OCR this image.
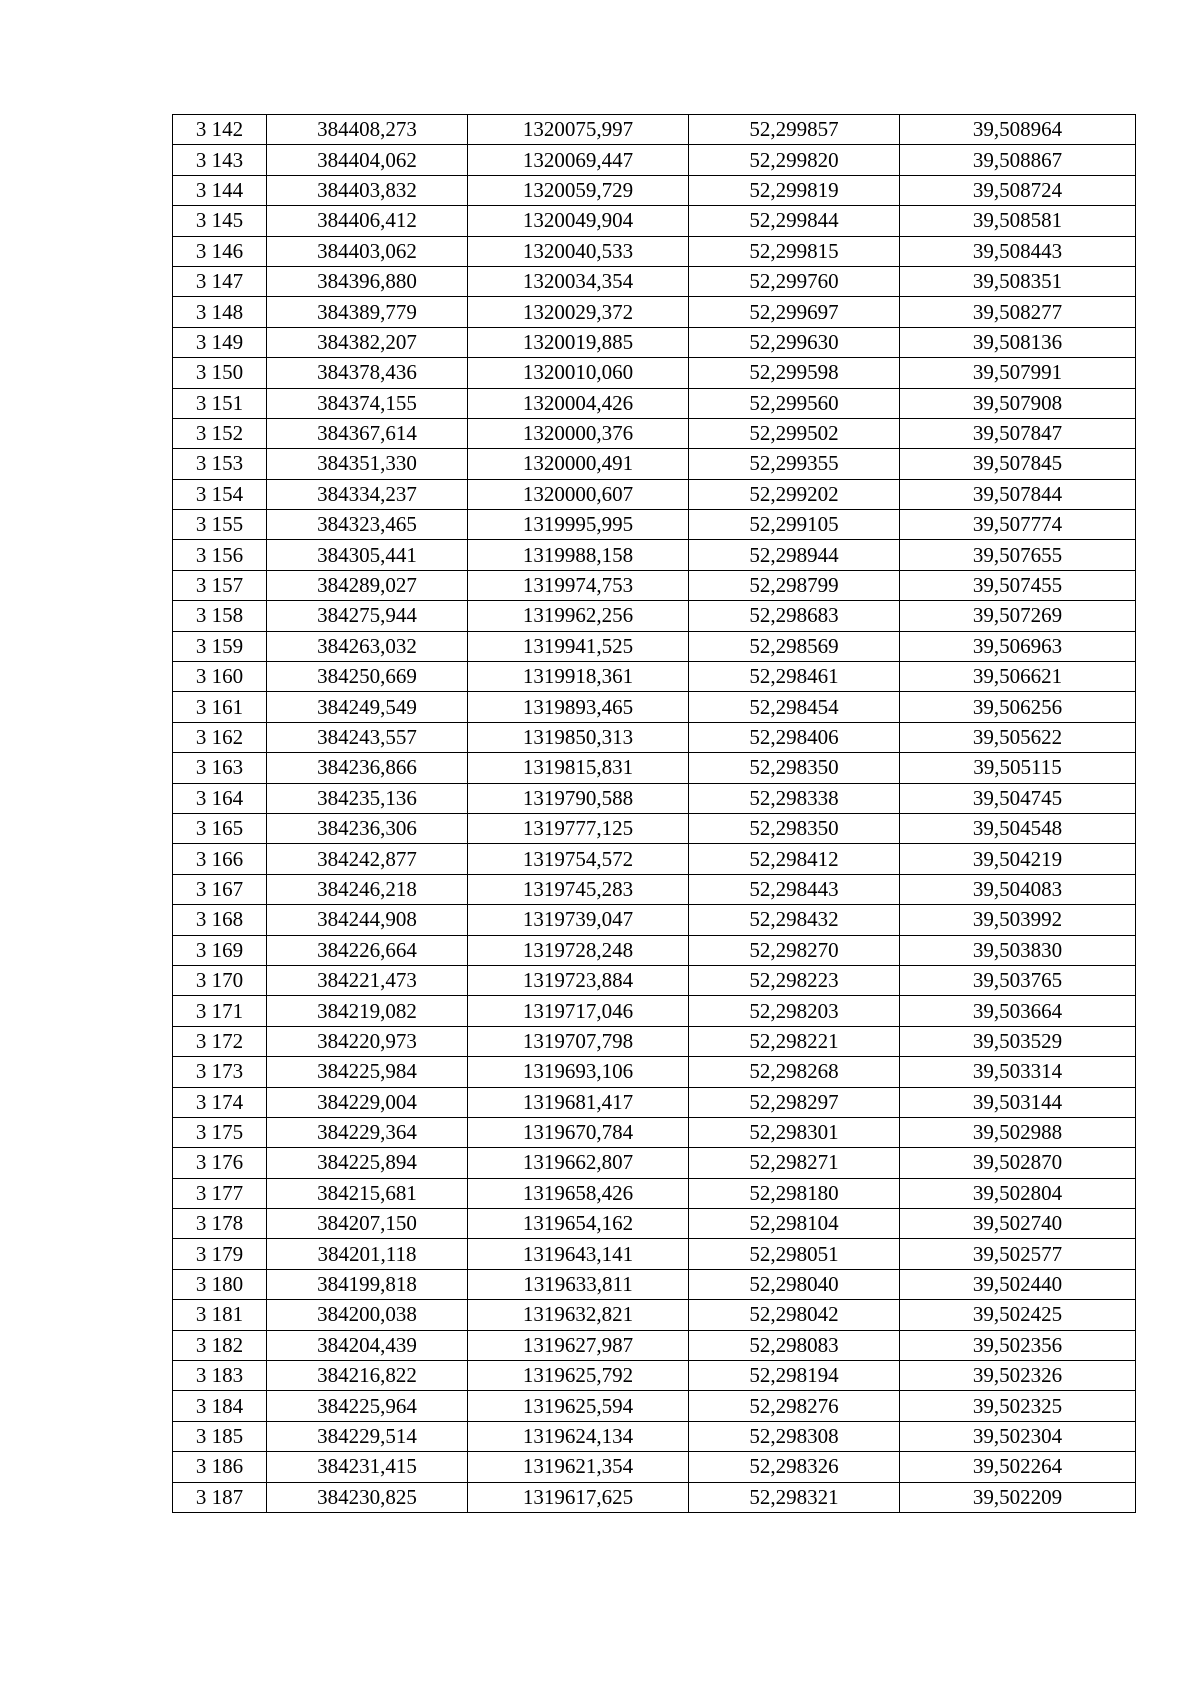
3 142	384408,273	1320075,997	52,299857	39,508964
3 143	384404,062	1320069,447	52,299820	39,508867
3 144	384403,832	1320059,729	52,299819	39,508724
3 145	384406,412	1320049,904	52,299844	39,508581
3 146	384403,062	1320040,533	52,299815	39,508443
3 147	384396,880	1320034,354	52,299760	39,508351
3 148	384389,779	1320029,372	52,299697	39,508277
3 149	384382,207	1320019,885	52,299630	39,508136
3 150	384378,436	1320010,060	52,299598	39,507991
3 151	384374,155	1320004,426	52,299560	39,507908
3 152	384367,614	1320000,376	52,299502	39,507847
3 153	384351,330	1320000,491	52,299355	39,507845
3 154	384334,237	1320000,607	52,299202	39,507844
3 155	384323,465	1319995,995	52,299105	39,507774
3 156	384305,441	1319988,158	52,298944	39,507655
3 157	384289,027	1319974,753	52,298799	39,507455
3 158	384275,944	1319962,256	52,298683	39,507269
3 159	384263,032	1319941,525	52,298569	39,506963
3 160	384250,669	1319918,361	52,298461	39,506621
3 161	384249,549	1319893,465	52,298454	39,506256
3 162	384243,557	1319850,313	52,298406	39,505622
3 163	384236,866	1319815,831	52,298350	39,505115
3 164	384235,136	1319790,588	52,298338	39,504745
3 165	384236,306	1319777,125	52,298350	39,504548
3 166	384242,877	1319754,572	52,298412	39,504219
3 167	384246,218	1319745,283	52,298443	39,504083
3 168	384244,908	1319739,047	52,298432	39,503992
3 169	384226,664	1319728,248	52,298270	39,503830
3 170	384221,473	1319723,884	52,298223	39,503765
3 171	384219,082	1319717,046	52,298203	39,503664
3 172	384220,973	1319707,798	52,298221	39,503529
3 173	384225,984	1319693,106	52,298268	39,503314
3 174	384229,004	1319681,417	52,298297	39,503144
3 175	384229,364	1319670,784	52,298301	39,502988
3 176	384225,894	1319662,807	52,298271	39,502870
3 177	384215,681	1319658,426	52,298180	39,502804
3 178	384207,150	1319654,162	52,298104	39,502740
3 179	384201,118	1319643,141	52,298051	39,502577
3 180	384199,818	1319633,811	52,298040	39,502440
3 181	384200,038	1319632,821	52,298042	39,502425
3 182	384204,439	1319627,987	52,298083	39,502356
3 183	384216,822	1319625,792	52,298194	39,502326
3 184	384225,964	1319625,594	52,298276	39,502325
3 185	384229,514	1319624,134	52,298308	39,502304
3 186	384231,415	1319621,354	52,298326	39,502264
3 187	384230,825	1319617,625	52,298321	39,502209
